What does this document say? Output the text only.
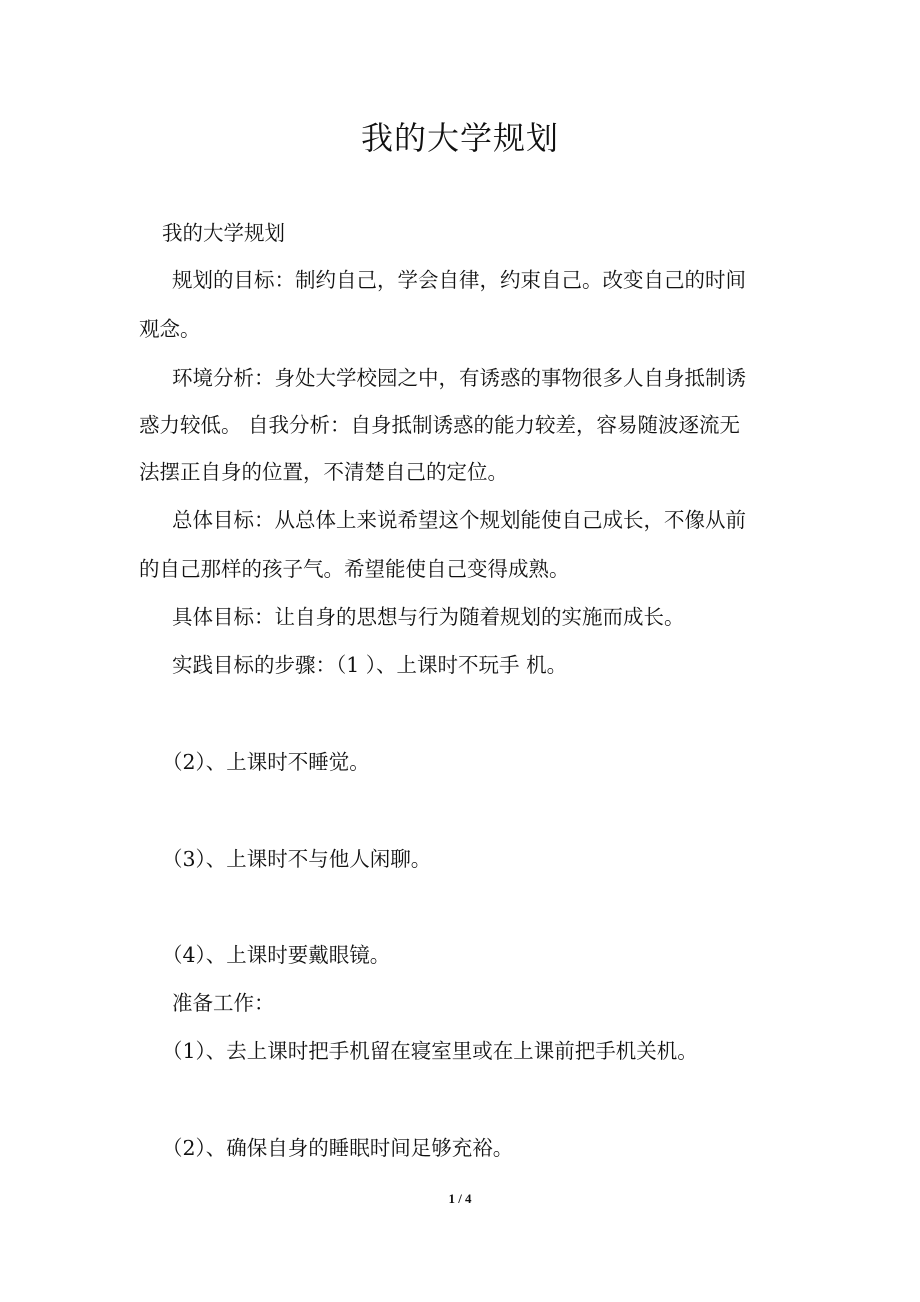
我的大学规划
我的大学规划
规划的目标：制约自己，学会自律，约束自己。改变自己的时间
观念。
环境分析：身处大学校园之中，有诱惑的事物很多人自身抵制诱
惑力较低。 自我分析：自身抵制诱惑的能力较差，容易随波逐流无
法摆正自身的位置，不清楚自己的定位。
总体目标：从总体上来说希望这个规划能使自己成长，不像从前
的自己那样的孩子气。希望能使自己变得成熟。
具体目标：让自身的思想与行为随着规划的实施而成长。
实践目标的步骤：（1 ）、上课时不玩手 机。
（2）、上课时不睡觉。
（3）、上课时不与他人闲聊。
（4）、上课时要戴眼镜。
准备工作：
（1）、去上课时把手机留在寝室里或在上课前把手机关机。
（2）、确保自身的睡眠时间足够充裕。
1 / 4
